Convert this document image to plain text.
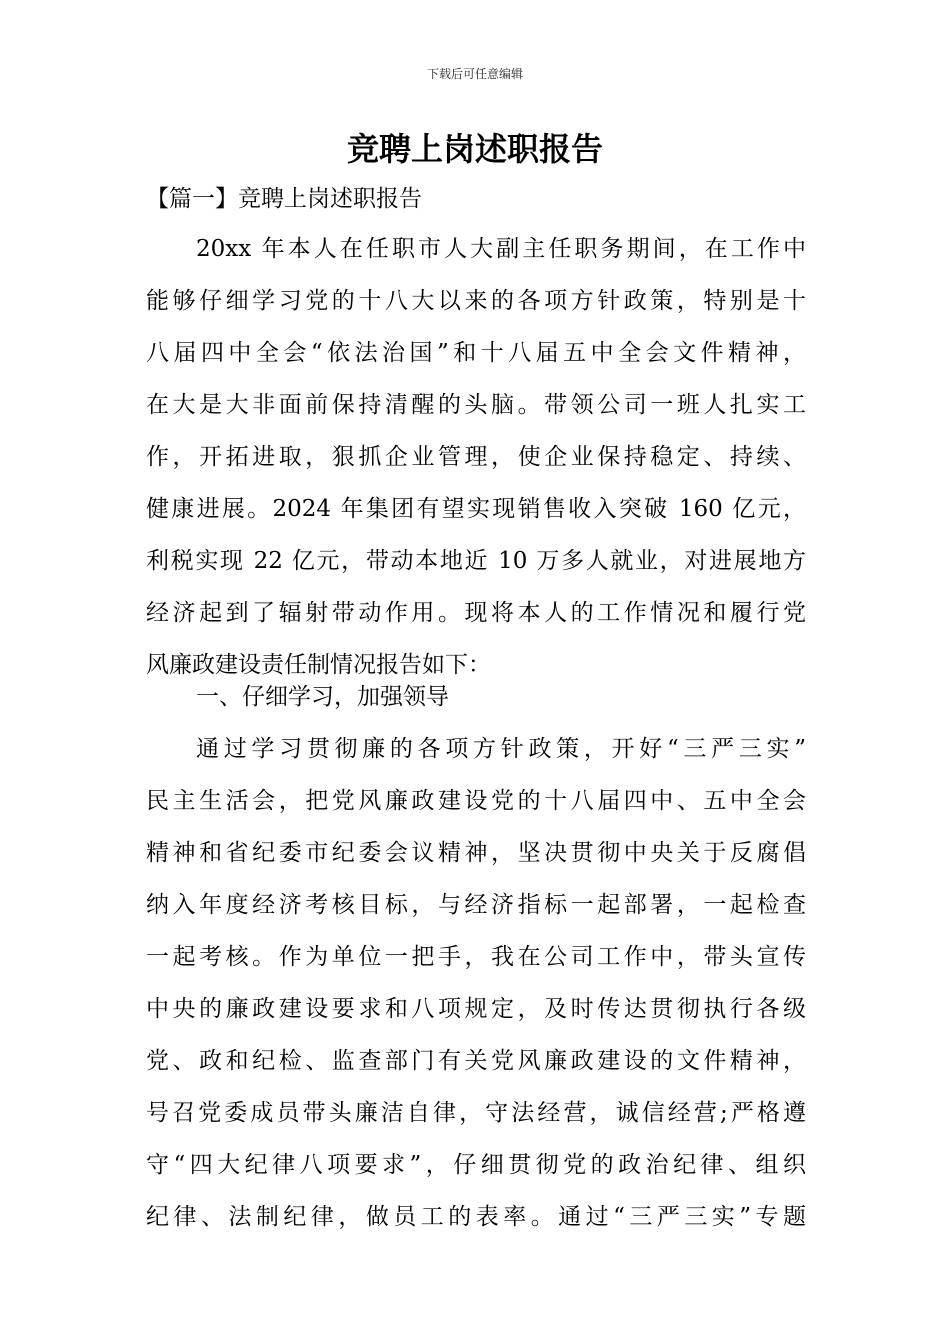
下载后可任意编辑
竞聘上岗述职报告
【篇一】竞聘上岗述职报告
20xx 年本人在任职市人大副主任职务期间，在工作中
能够仔细学习党的十八大以来的各项方针政策，特别是十
八届四中全会“依法治国”和十八届五中全会文件精神，
在大是大非面前保持清醒的头脑。带领公司一班人扎实工
作，开拓进取，狠抓企业管理，使企业保持稳定、持续、
健康进展。2024 年集团有望实现销售收入突破 160 亿元，
利税实现 22 亿元，带动本地近 10 万多人就业，对进展地方
经济起到了辐射带动作用。现将本人的工作情况和履行党
风廉政建设责任制情况报告如下：
一、仔细学习，加强领导
通过学习贯彻廉的各项方针政策，开好“三严三实”
民主生活会，把党风廉政建设党的十八届四中、五中全会
精神和省纪委市纪委会议精神，坚决贯彻中央关于反腐倡
纳入年度经济考核目标，与经济指标一起部署，一起检查
一起考核。作为单位一把手，我在公司工作中，带头宣传
中央的廉政建设要求和八项规定，及时传达贯彻执行各级
党、政和纪检、监查部门有关党风廉政建设的文件精神，
号召党委成员带头廉洁自律，守法经营，诚信经营;严格遵
守“四大纪律八项要求”，仔细贯彻党的政治纪律、组织
纪律、法制纪律，做员工的表率。通过“三严三实”专题
